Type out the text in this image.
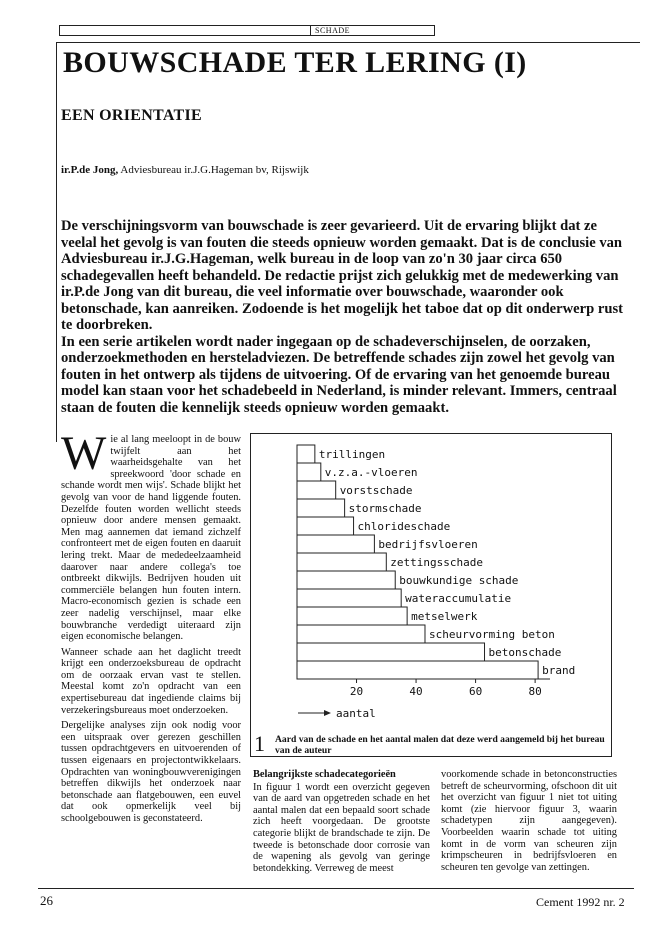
SCHADE
BOUWSCHADE TER LERING (I)
EEN ORIENTATIE
ir.P.de Jong, Adviesbureau ir.J.G.Hageman bv, Rijswijk

De verschijningsvorm van bouwschade is zeer gevarieerd. Uit de ervaring blijkt dat ze veelal het gevolg is van fouten die steeds opnieuw worden gemaakt. Dat is de conclusie van Adviesbureau ir.J.G.Hageman, welk bureau in de loop van zo'n 30 jaar circa 650 schadegevallen heeft behandeld. De redactie prijst zich gelukkig met de medewerking van ir.P.de Jong van dit bureau, die veel informatie over bouwschade, waaronder ook betonschade, kan aanreiken. Zodoende is het mogelijk het taboe dat op dit onderwerp rust te doorbreken.

In een serie artikelen wordt nader ingegaan op de schadeverschijnselen, de oorzaken, onderzoekmethoden en hersteladviezen. De betreffende schades zijn zowel het gevolg van fouten in het ontwerp als tijdens de uitvoering. Of de ervaring van het genoemde bureau model kan staan voor het schadebeeld in Nederland, is minder relevant. Immers, centraal staan de fouten die kennelijk steeds opnieuw worden gemaakt.

Wie al lang meeloopt in de bouw twijfelt aan het waarheidsgehalte van het spreekwoord 'door schade en schande wordt men wijs'. Schade blijkt het gevolg van voor de hand liggende fouten. Dezelfde fouten worden wellicht steeds opnieuw door andere mensen gemaakt. Men mag aannemen dat iemand zichzelf confronteert met de eigen fouten en daaruit lering trekt. Maar de mededeelzaamheid daarover naar andere collega's toe ontbreekt dikwijls. Bedrijven houden uit commerciële belangen hun fouten intern. Macro-economisch gezien is schade een zeer nadelig verschijnsel, maar elke bouwbranche verdedigt uiteraard zijn eigen economische belangen.

Wanneer schade aan het daglicht treedt krijgt een onderzoeksbureau de opdracht om de oorzaak ervan vast te stellen. Meestal komt zo'n opdracht van een expertisebureau dat ingediende claims bij verzekeringsbureaus moet onderzoeken.

Dergelijke analyses zijn ook nodig voor een uitspraak over gerezen geschillen tussen opdrachtgevers en uitvoerenden of tussen eigenaars en projectontwikkelaars. Opdrachten van woningbouwverenigingen betreffen dikwijls het onderzoek naar betonschade aan flatgebouwen, een euvel dat ook opmerkelijk veel bij schoolgebouwen is geconstateerd.

trillingen
v.z.a.-vloeren
vorstschade
stormschade
chlorideschade
bedrijfsvloeren
zettingsschade
bouwkundige schade
wateraccumulatie
metselwerk
scheurvorming beton
betonschade
brand
20	40	60	80
aantal
1 Aard van de schade en het aantal malen dat deze werd aangemeld bij het bureau van de auteur
Belangrijkste schadecategorieën
In figuur 1 wordt een overzicht gegeven van de aard van opgetreden schade en het aantal malen dat een bepaald soort schade zich heeft voorgedaan. De grootste categorie blijkt de brandschade te zijn. De tweede is betonschade door corrosie van de wapening als gevolg van geringe betondekking. Verreweg de meest
voorkomende schade in betonconstructies betreft de scheurvorming, ofschoon dit uit het overzicht van figuur 1 niet tot uiting komt (zie hiervoor figuur 3, waarin schadetypen zijn aangegeven). Voorbeelden waarin schade tot uiting komt in de vorm van scheuren zijn krimpscheuren in bedrijfsvloeren en scheuren ten gevolge van zettingen.
26	Cement 1992 nr. 2
